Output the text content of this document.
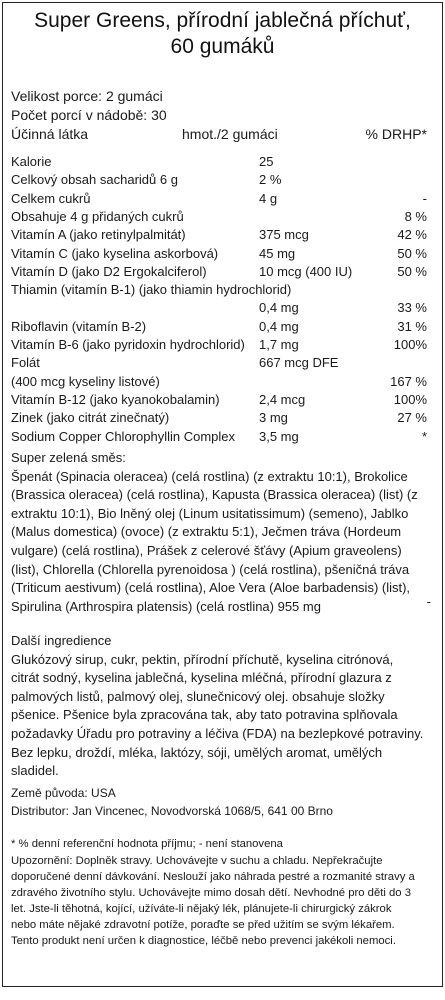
Super Greens, přírodní jablečná příchuť,
60 gumáků
Velikost porce: 2 gumáci
Počet porcí v nádobě: 30
Účinná látka	hmot./2 gumáci	% DRHP*
Kalorie	25
Celkový obsah sacharidů 6 g	2 %
Celkem cukrů	4 g	-
Obsahuje 4 g přidaných cukrů	8 %
Vitamín A (jako retinylpalmitát)	375 mcg	42 %
Vitamín C (jako kyselina askorbová)	45 mg	50 %
Vitamín D (jako D2 Ergokalciferol)	10 mcg (400 IU)	50 %
Thiamin (vitamín B-1) (jako thiamin hydrochlorid)
0,4 mg	33 %
Riboflavin (vitamín B-2)	0,4 mg	31 %
Vitamín B-6 (jako pyridoxin hydrochlorid) 1,7 mg	100%
Folát	667 mcg DFE
(400 mcg kyseliny listové)	167 %
Vitamín B-12 (jako kyanokobalamin)	2,4 mcg	100%
Zinek (jako citrát zinečnatý)	3 mg	27 %
Sodium Copper Chlorophyllin Complex 3,5 mg	*
Super zelená směs:
Špenát (Spinacia oleracea) (celá rostlina) (z extraktu 10:1), Brokolice
(Brassica oleracea) (celá rostlina), Kapusta (Brassica oleracea) (list) (z
extraktu 10:1), Bio lněný olej (Linum usitatissimum) (semeno), Jablko
(Malus domestica) (ovoce) (z extraktu 5:1), Ječmen tráva (Hordeum
vulgare) (celá rostlina), Prášek z celerové šťávy (Apium graveolens)
(list), Chlorella (Chlorella pyrenoidosa ) (celá rostlina), pšeničná tráva
(Triticum aestivum) (celá rostlina), Aloe Vera (Aloe barbadensis) (list),
Spirulina (Arthrospira platensis) (celá rostlina) 955 mg	-
Další ingredience
Glukózový sirup, cukr, pektin, přírodní příchutě, kyselina citrónová,
citrát sodný, kyselina jablečná, kyselina mléčná, přírodní glazura z
palmových listů, palmový olej, slunečnicový olej. obsahuje složky
pšenice. Pšenice byla zpracována tak, aby tato potravina splňovala
požadavky Úřadu pro potraviny a léčiva (FDA) na bezlepkové potraviny.
Bez lepku, droždí, mléka, laktózy, sóji, umělých aromat, umělých
sladidel.
Země původa: USA
Distributor: Jan Vincenec, Novodvorská 1068/5, 641 00 Brno
* % denní referenční hodnota příjmu; - není stanovena
Upozornění: Doplněk stravy. Uchovávejte v suchu a chladu. Nepřekračujte
doporučené denní dávkování. Neslouží jako náhrada pestré a rozmanité stravy a
zdravého životního stylu. Uchovávejte mimo dosah dětí. Nevhodné pro děti do 3
let. Jste-li těhotná, kojící, užíváte-li nějaký lék, plánujete-li chirurgický zákrok
nebo máte nějaké zdravotní potíže, poraďte se před užitím se svým lékařem.
Tento produkt není určen k diagnostice, léčbě nebo prevenci jakékoli nemoci.
